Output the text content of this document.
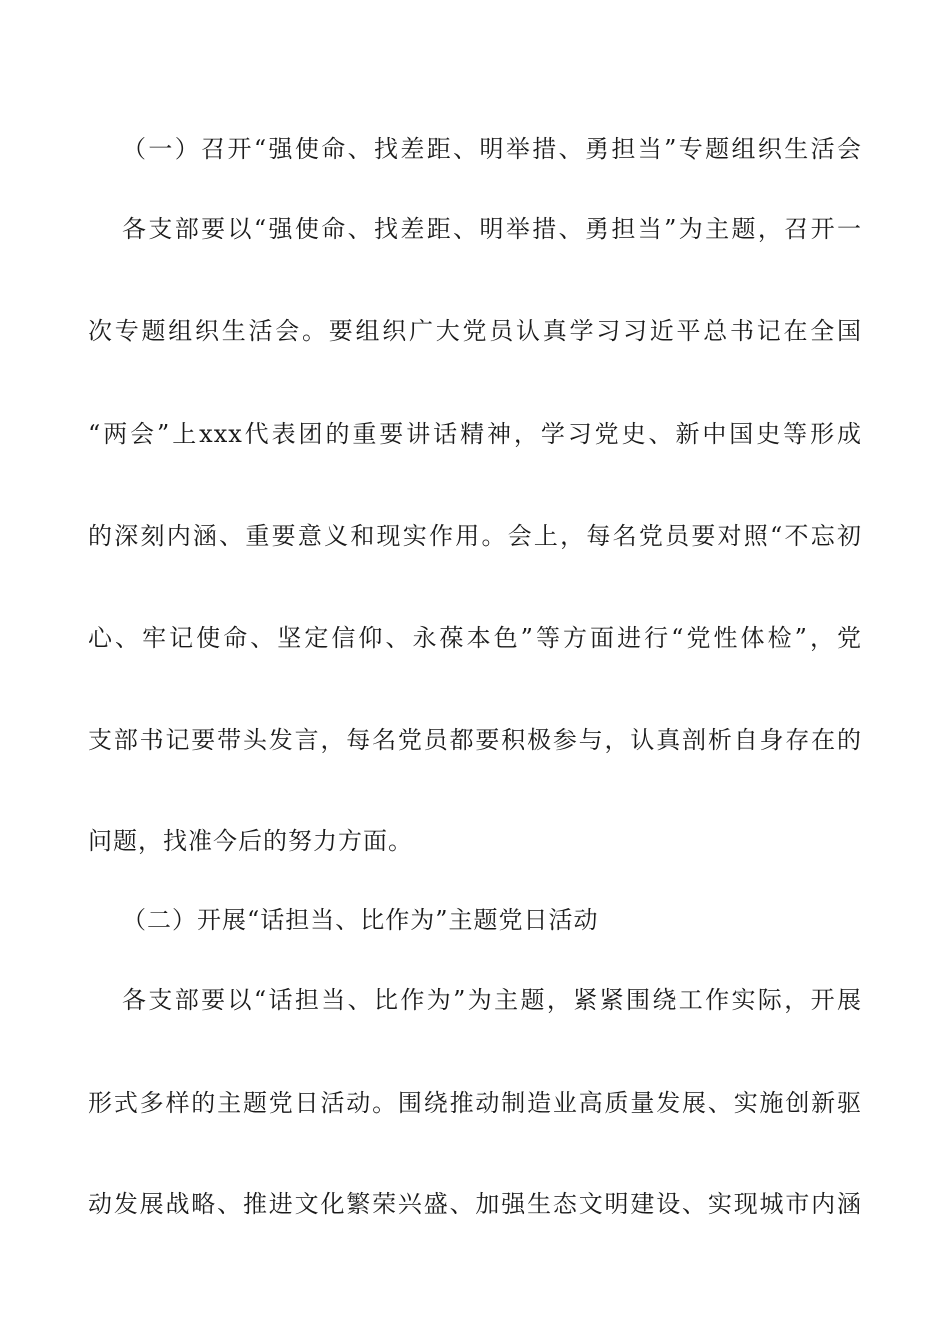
（一）召开“强使命、找差距、明举措、勇担当”专题组织生活会
各支部要以“强使命、找差距、明举措、勇担当”为主题，召开一
次专题组织生活会。要组织广大党员认真学习习近平总书记在全国
“两会”上xxx代表团的重要讲话精神，学习党史、新中国史等形成
的深刻内涵、重要意义和现实作用。会上，每名党员要对照“不忘初
心、牢记使命、坚定信仰、永葆本色”等方面进行“党性体检”，党
支部书记要带头发言，每名党员都要积极参与，认真剖析自身存在的
问题，找准今后的努力方面。
（二）开展“话担当、比作为”主题党日活动
各支部要以“话担当、比作为”为主题，紧紧围绕工作实际，开展
形式多样的主题党日活动。围绕推动制造业高质量发展、实施创新驱
动发展战略、推进文化繁荣兴盛、加强生态文明建设、实现城市内涵
